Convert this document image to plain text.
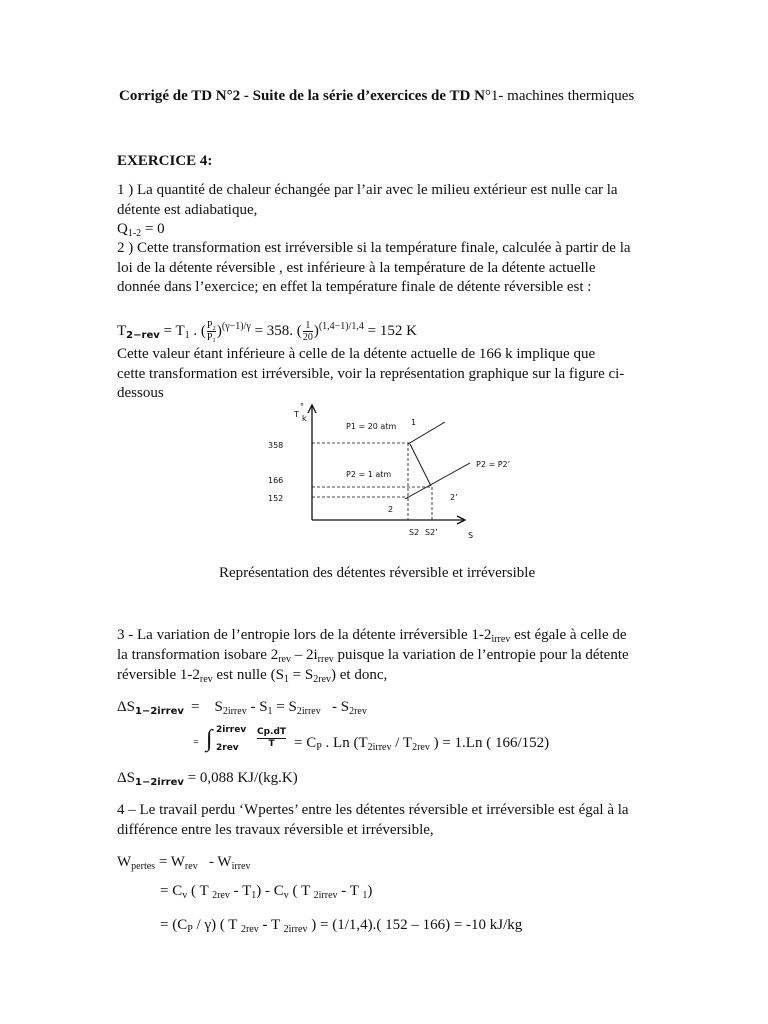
Corrigé de TD N°2 - Suite de la série d’exercices de TD N°1- machines thermiques
EXERCICE 4:
1 ) La quantité de chaleur échangée par l’air avec le milieu extérieur est nulle car la
détente est adiabatique,
$Q_{1-2} = 0$
2 ) Cette transformation est irréversible si la température finale, calculée à partir de la
loi de la détente réversible , est inférieure à la température de la détente actuelle
donnée dans l’exercice; en effet la température finale de détente réversible est :
$T_{2-rev} = T_1$ . ( $\frac{\text{P₂}}{\text{P₁}} )^{(\gamma-1)/\gamma} = 358$. ( $\frac{1}{20} )^{(1,4-1)/1,4} = 152$ K
Cette valeur étant inférieure à celle de la détente actuelle de 166 k implique que
cette transformation est irréversible, voir la représentation graphique sur la figure ci-
dessous
T
°
k
S
358
166
152
P1 = 20 atm
P2 = 1 atm
P2 = P2’
1
2
2’
S2 S2’
Représentation des détentes réversible et irréversible
3 - La variation de l’entropie lors de la détente irréversible $1-2_{irrev}$ est égale à celle de
la transformation isobare $2_{rev} - 2i_{rrev}$ puisque la variation de l’entropie pour la détente
réversible $1-2_{rev}$ est nulle $(S_1 = S_{2rev})$ et donc,
$\Delta S_{1-2irrev} = S_{2irrev} - S_1 = S_{2irrev} - S_{2rev}$
= ∫ 2irrev
$2rev \frac{Cp.dT}{T} = C_P$ . Ln ($T_{2irrev} / T_{2rev}$ ) = 1.Ln ( 166/152)
$\Delta S_{1-2irrev} = 0,088$ KJ/(kg.K)
4 – Le travail perdu ‘Wpertes’ entre les détentes réversible et irréversible est égal à la
différence entre les travaux réversible et irréversible,
$W_{pertes} = W_{rev} - W_{irrev}$
= $C_v$ ( T $_{2rev} - T_1) - C_v$ ( T $_{2irrev}$ - T $_1$)
= $(C_P / \gamma)$ ( T $_{2rev}$ - T $_{2irrev}$ ) = (1/1,4).( 152 – 166) = -10 kJ/kg
